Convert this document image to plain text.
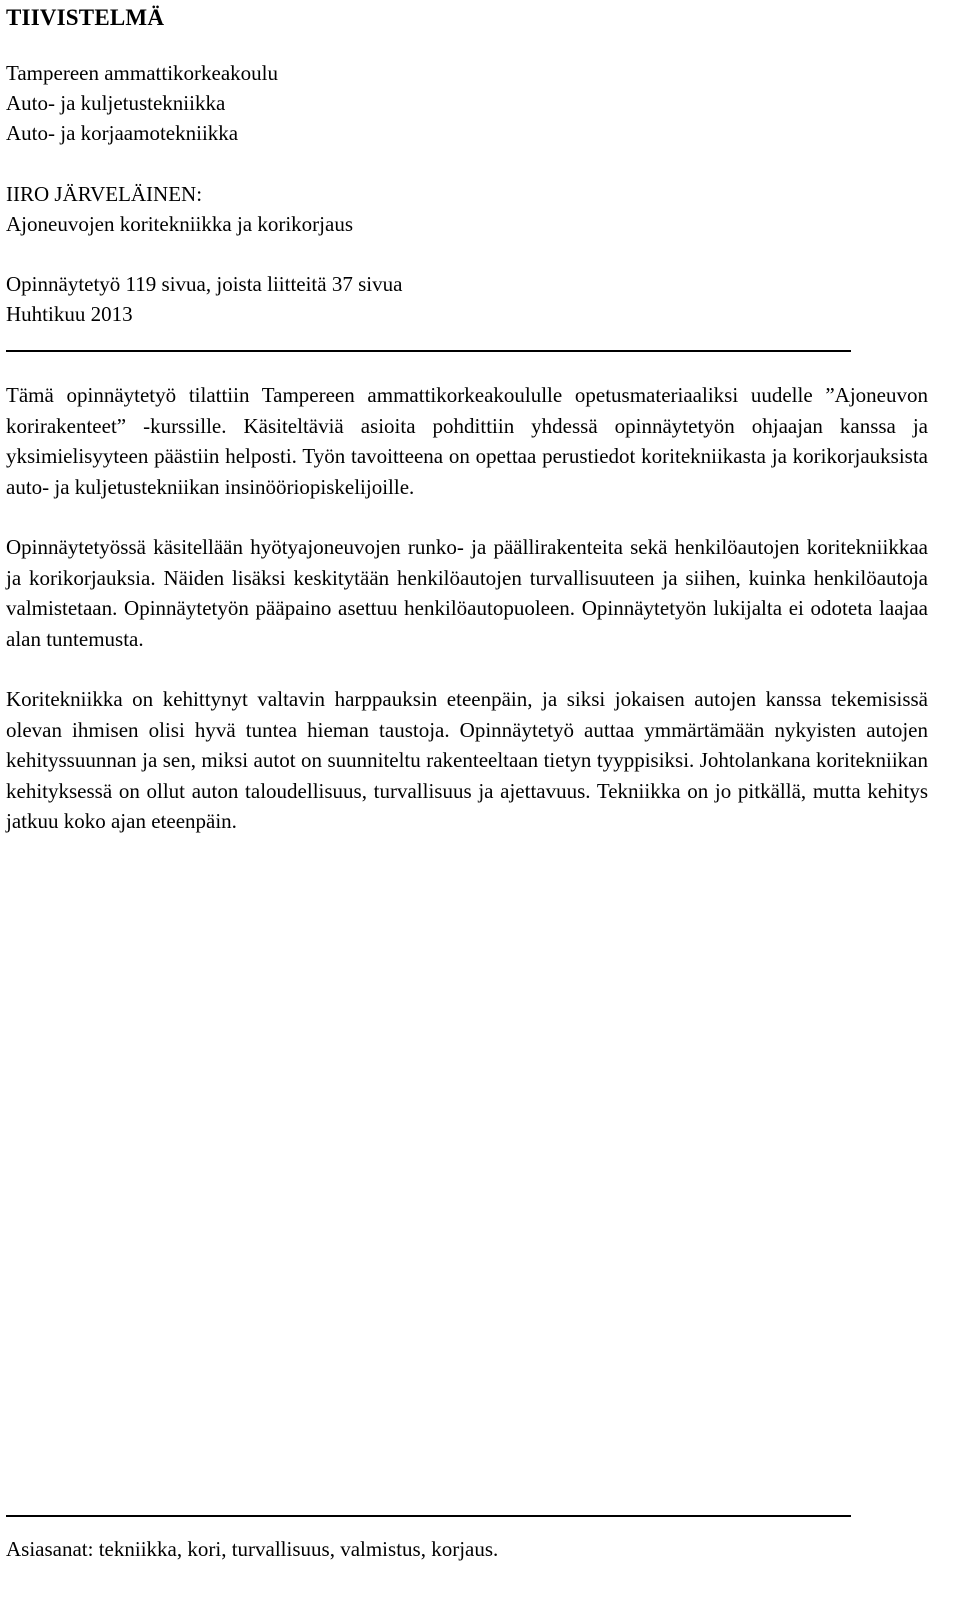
TIIVISTELMÄ
Tampereen ammattikorkeakoulu
Auto- ja kuljetustekniikka
Auto- ja korjaamotekniikka
IIRO JÄRVELÄINEN:
Ajoneuvojen koritekniikka ja korikorjaus
Opinnäytetyö 119 sivua, joista liitteitä 37 sivua
Huhtikuu 2013

Tämä opinnäytetyö tilattiin Tampereen ammattikorkeakoululle opetusmateriaaliksi uudelle ”Ajoneuvon korirakenteet” -kurssille. Käsiteltäviä asioita pohdittiin yhdessä opinnäytetyön ohjaajan kanssa ja yksimielisyyteen päästiin helposti. Työn tavoitteena on opettaa perustiedot koritekniikasta ja korikorjauksista auto- ja kuljetustekniikan insinööriopiskelijoille.

Opinnäytetyössä käsitellään hyötyajoneuvojen runko- ja päällirakenteita sekä henkilöautojen koritekniikkaa ja korikorjauksia. Näiden lisäksi keskitytään henkilöautojen turvallisuuteen ja siihen, kuinka henkilöautoja valmistetaan. Opinnäytetyön pääpaino asettuu henkilöautopuoleen. Opinnäytetyön lukijalta ei odoteta laajaa alan tuntemusta.

Koritekniikka on kehittynyt valtavin harppauksin eteenpäin, ja siksi jokaisen autojen kanssa tekemisissä olevan ihmisen olisi hyvä tuntea hieman taustoja. Opinnäytetyö auttaa ymmärtämään nykyisten autojen kehityssuunnan ja sen, miksi autot on suunniteltu rakenteeltaan tietyn tyyppisiksi. Johtolankana koritekniikan kehityksessä on ollut auton taloudellisuus, turvallisuus ja ajettavuus. Tekniikka on jo pitkällä, mutta kehitys jatkuu koko ajan eteenpäin.

Asiasanat: tekniikka, kori, turvallisuus, valmistus, korjaus.
